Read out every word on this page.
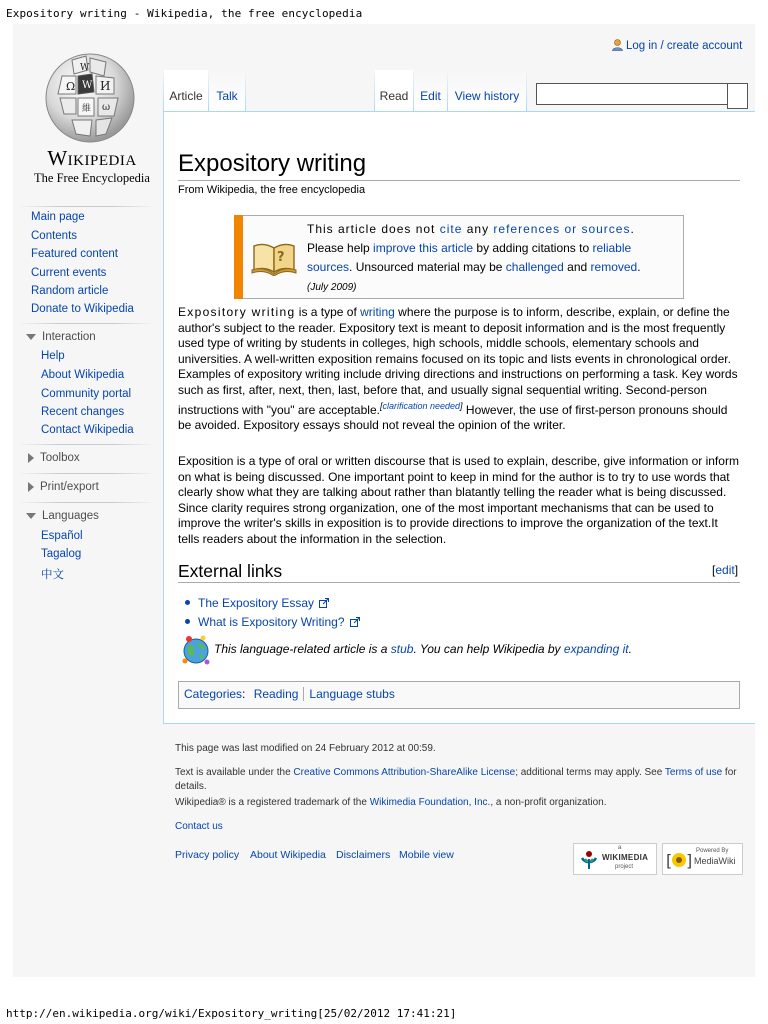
Expository writing - Wikipedia, the free encyclopedia
W
Ω И
維 ω
W
Wikipedia
The Free Encyclopedia
Main page
Contents
Featured content
Current events
Random article
Donate to Wikipedia
Interaction
Help
About Wikipedia
Community portal
Recent changes
Contact Wikipedia
Toolbox
Print/export
Languages
Español
Tagalog
中文
Log in / create account
Article	Talk	Read Edit	View history
Expository writing
From Wikipedia, the free encyclopedia
?
This article does not cite any references or sources.
Please help improve this article by adding citations to reliable sources. Unsourced material may be challenged and removed.
(July 2009)
Expository writing is a type of writing where the purpose is to inform, describe, explain, or define the author's subject to the reader. Expository text is meant to deposit information and is the most frequently used type of writing by students in colleges, high schools, middle schools, elementary schools and universities. A well-written exposition remains focused on its topic and lists events in chronological order. Examples of expository writing include driving directions and instructions on performing a task. Key words such as first, after, next, then, last, before that, and usually signal sequential writing. Second-person instructions with "you" are acceptable.[clarification needed] However, the use of first-person pronouns should be avoided. Expository essays should not reveal the opinion of the writer.
Exposition is a type of oral or written discourse that is used to explain, describe, give information or inform on what is being discussed. One important point to keep in mind for the author is to try to use words that clearly show what they are talking about rather than blatantly telling the reader what is being discussed. Since clarity requires strong organization, one of the most important mechanisms that can be used to improve the writer's skills in exposition is to provide directions to improve the organization of the text.It tells readers about the information in the selection.
External links	[edit]
The Expository Essay
What is Expository Writing?
This language-related article is a stub. You can help Wikipedia by expanding it.
Categories: Reading Language stubs
This page was last modified on 24 February 2012 at 00:59.
Text is available under the Creative Commons Attribution-ShareAlike License; additional terms may apply. See Terms of use for details.
Wikipedia® is a registered trademark of the Wikimedia Foundation, Inc., a non-profit organization.
Contact us
Privacy policy About Wikipedia Disclaimers Mobile view
a
WIKIMEDIA
project [ ] Powered By
MediaWiki
http://en.wikipedia.org/wiki/Expository_writing[25/02/2012 17:41:21]
